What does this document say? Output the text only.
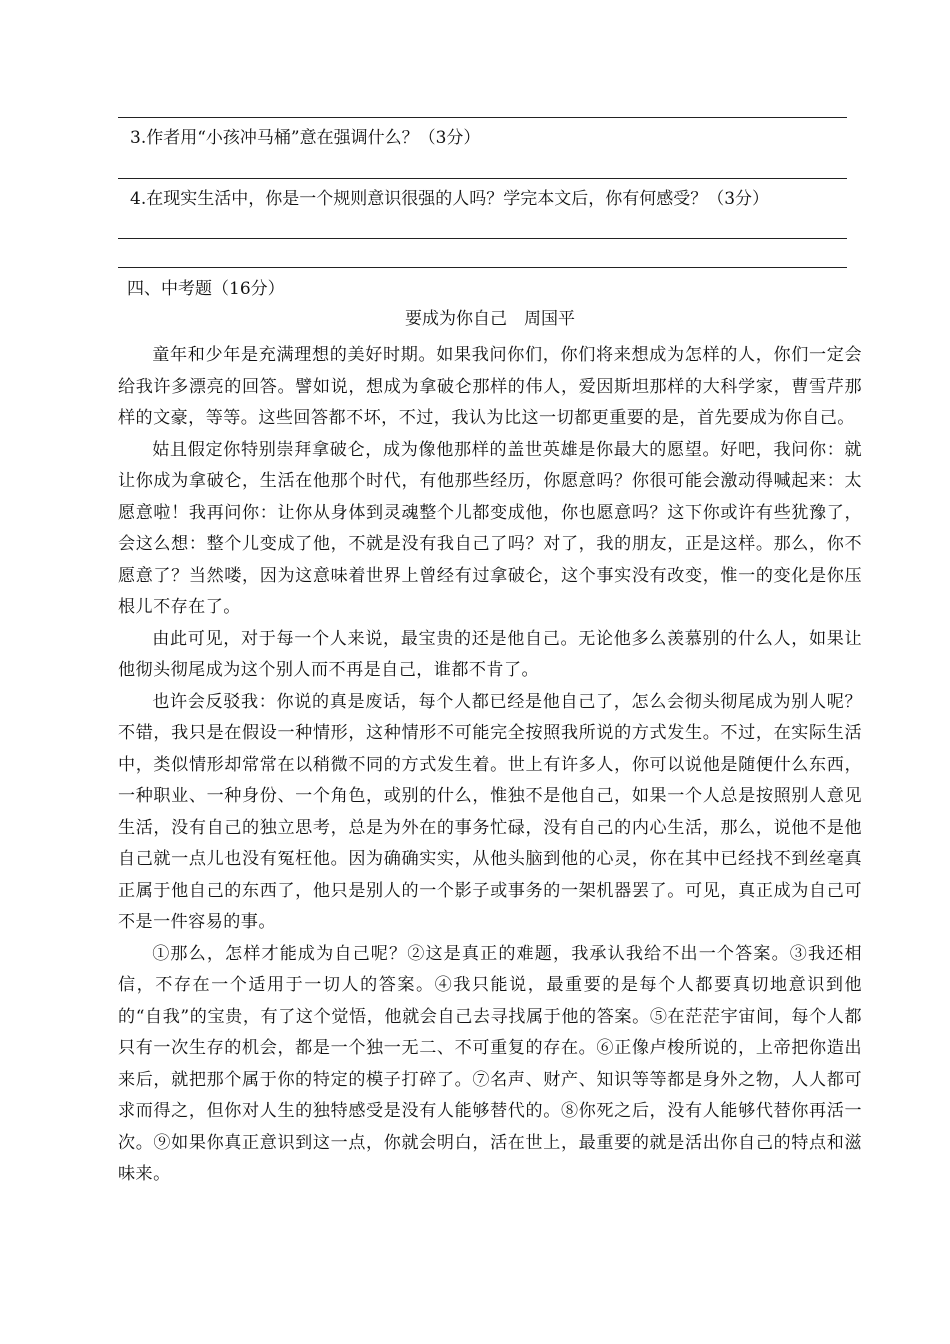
3.作者用“小孩冲马桶”意在强调什么？（3分）
4.在现实生活中，你是一个规则意识很强的人吗？学完本文后，你有何感受？（3分）
四、中考题（16分）
要成为你自己　周国平

童年和少年是充满理想的美好时期。如果我问你们，你们将来想成为怎样的人，你们一定会给我许多漂亮的回答。譬如说，想成为拿破仑那样的伟人，爱因斯坦那样的大科学家，曹雪芹那样的文豪，等等。这些回答都不坏，不过，我认为比这一切都更重要的是，首先要成为你自己。

姑且假定你特别崇拜拿破仑，成为像他那样的盖世英雄是你最大的愿望。好吧，我问你：就让你成为拿破仑，生活在他那个时代，有他那些经历，你愿意吗？你很可能会激动得喊起来：太愿意啦！我再问你：让你从身体到灵魂整个儿都变成他，你也愿意吗？这下你或许有些犹豫了，会这么想：整个儿变成了他，不就是没有我自己了吗？对了，我的朋友，正是这样。那么，你不愿意了？当然喽，因为这意味着世界上曾经有过拿破仑，这个事实没有改变，惟一的变化是你压根儿不存在了。

由此可见，对于每一个人来说，最宝贵的还是他自己。无论他多么羡慕别的什么人，如果让他彻头彻尾成为这个别人而不再是自己，谁都不肯了。

也许会反驳我：你说的真是废话，每个人都已经是他自己了，怎么会彻头彻尾成为别人呢？不错，我只是在假设一种情形，这种情形不可能完全按照我所说的方式发生。不过，在实际生活中，类似情形却常常在以稍微不同的方式发生着。世上有许多人，你可以说他是随便什么东西，一种职业、一种身份、一个角色，或别的什么，惟独不是他自己，如果一个人总是按照别人意见生活，没有自己的独立思考，总是为外在的事务忙碌，没有自己的内心生活，那么，说他不是他自己就一点儿也没有冤枉他。因为确确实实，从他头脑到他的心灵，你在其中已经找不到丝毫真正属于他自己的东西了，他只是别人的一个影子或事务的一架机器罢了。可见，真正成为自己可不是一件容易的事。

①那么，怎样才能成为自己呢？②这是真正的难题，我承认我给不出一个答案。③我还相信，不存在一个适用于一切人的答案。④我只能说，最重要的是每个人都要真切地意识到他的“自我”的宝贵，有了这个觉悟，他就会自己去寻找属于他的答案。⑤在茫茫宇宙间，每个人都只有一次生存的机会，都是一个独一无二、不可重复的存在。⑥正像卢梭所说的，上帝把你造出来后，就把那个属于你的特定的模子打碎了。⑦名声、财产、知识等等都是身外之物，人人都可求而得之，但你对人生的独特感受是没有人能够替代的。⑧你死之后，没有人能够代替你再活一次。⑨如果你真正意识到这一点，你就会明白，活在世上，最重要的就是活出你自己的特点和滋味来。
